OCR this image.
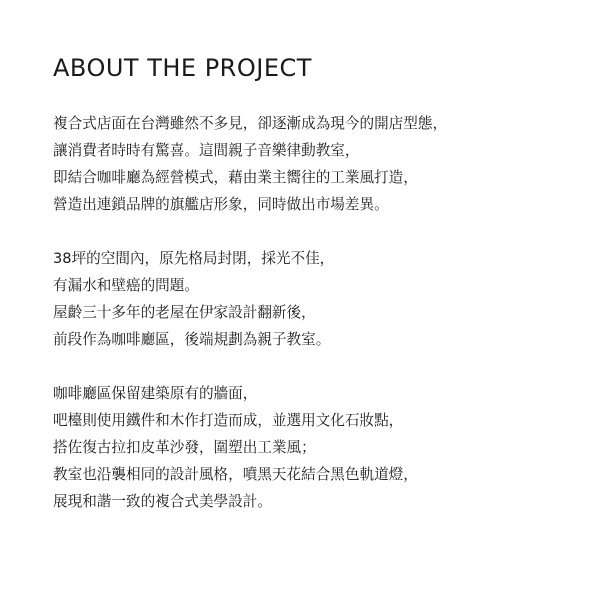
ABOUT THE PROJECT

複合式店面在台灣雖然不多見，卻逐漸成為現今的開店型態，
讓消費者時時有驚喜。這間親子音樂律動教室，
即結合咖啡廳為經營模式，藉由業主嚮往的工業風打造，
營造出連鎖品牌的旗艦店形象，同時做出市場差異。

38坪的空間內，原先格局封閉，採光不佳，
有漏水和壁癌的問題。
屋齡三十多年的老屋在伊家設計翻新後，
前段作為咖啡廳區，後端規劃為親子教室。

咖啡廳區保留建築原有的牆面，
吧檯則使用鐵件和木作打造而成，並選用文化石妝點，
搭佐復古拉扣皮革沙發，圍塑出工業風；
教室也沿襲相同的設計風格，噴黑天花結合黑色軌道燈，
展現和諧一致的複合式美學設計。
